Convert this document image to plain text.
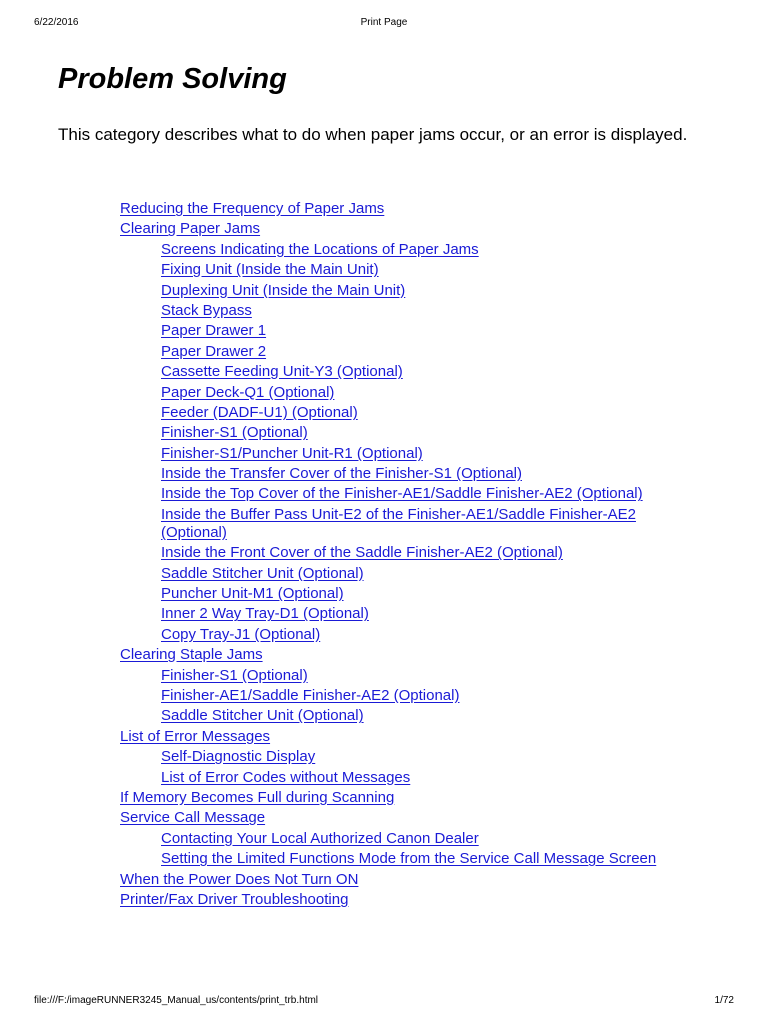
6/22/2016	Print Page
Problem Solving

This category describes what to do when paper jams occur, or an error is displayed.

Reducing the Frequency of Paper Jams
Clearing Paper Jams
Screens Indicating the Locations of Paper Jams
Fixing Unit (Inside the Main Unit)
Duplexing Unit (Inside the Main Unit)
Stack Bypass
Paper Drawer 1
Paper Drawer 2
Cassette Feeding Unit-Y3 (Optional)
Paper Deck-Q1 (Optional)
Feeder (DADF-U1) (Optional)
Finisher-S1 (Optional)
Finisher-S1/Puncher Unit-R1 (Optional)
Inside the Transfer Cover of the Finisher-S1 (Optional)
Inside the Top Cover of the Finisher-AE1/Saddle Finisher-AE2 (Optional)
Inside the Buffer Pass Unit-E2 of the Finisher-AE1/Saddle Finisher-AE2 (Optional)
Inside the Front Cover of the Saddle Finisher-AE2 (Optional)
Saddle Stitcher Unit (Optional)
Puncher Unit-M1 (Optional)
Inner 2 Way Tray-D1 (Optional)
Copy Tray-J1 (Optional)
Clearing Staple Jams
Finisher-S1 (Optional)
Finisher-AE1/Saddle Finisher-AE2 (Optional)
Saddle Stitcher Unit (Optional)
List of Error Messages
Self-Diagnostic Display
List of Error Codes without Messages
If Memory Becomes Full during Scanning
Service Call Message
Contacting Your Local Authorized Canon Dealer
Setting the Limited Functions Mode from the Service Call Message Screen
When the Power Does Not Turn ON
Printer/Fax Driver Troubleshooting
file:///F:/imageRUNNER3245_Manual_us/contents/print_trb.html	1/72
